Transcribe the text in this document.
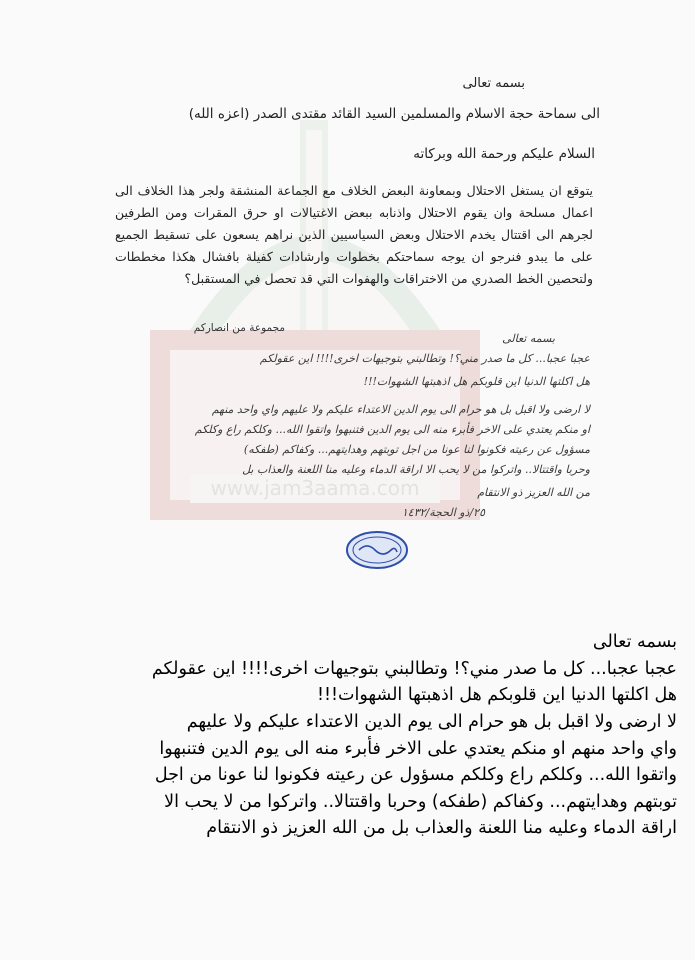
www.jam3aama.com
بسمه تعالى
الى سماحة حجة الاسلام والمسلمين السيد القائد مقتدى الصدر (اعزه الله)
السلام عليكم ورحمة الله وبركاته
يتوقع ان يستغل الاحتلال وبمعاونة البعض الخلاف مع الجماعة المنشقة ولجر هذا الخلاف الى اعمال مسلحة وان يقوم الاحتلال واذنابه ببعض الاغتيالات او حرق المقرات ومن الطرفين لجرهم الى اقتتال يخدم الاحتلال وبعض السياسيين الذين نراهم يسعون على تسقيط الجميع على ما يبدو فنرجو ان يوجه سماحتكم بخطوات وارشادات كفيلة بافشال هكذا مخططات ولتحصين الخط الصدري من الاختراقات والهفوات التي قد تحصل في المستقبل؟
مجموعة من انصاركم
بسمه تعالى
عجبا عجبا... كل ما صدر مني؟! وتطالبني بتوجيهات اخرى!!!! اين عقولكم
هل اكلتها الدنيا اين قلوبكم هل اذهبتها الشهوات!!!
لا ارضى ولا اقبل بل هو حرام الى يوم الدين الاعتداء عليكم ولا عليهم واي واحد منهم
او منكم يعتدي على الاخر فأبرء منه الى يوم الدين فتنبهوا واتقوا الله... وكلكم راع وكلكم
مسؤول عن رعيته فكونوا لنا عونا من اجل توبتهم وهدايتهم... وكفاكم (طفكه)
وحربا واقتتالا.. واتركوا من لا يحب الا اراقة الدماء وعليه منا اللعنة والعذاب بل
من الله العزيز ذو الانتقام
٢٥/ذو الحجة/١٤٣٢
بسمه تعالى
عجبا عجبا... كل ما صدر مني؟! وتطالبني بتوجيهات اخرى!!!! اين عقولكم
هل اكلتها الدنيا اين قلوبكم هل اذهبتها الشهوات!!!
لا ارضى ولا اقبل بل هو حرام الى يوم الدين الاعتداء عليكم ولا عليهم
واي واحد منهم او منكم يعتدي على الاخر فأبرء منه الى يوم الدين فتنبهوا
واتقوا الله... وكلكم راع وكلكم مسؤول عن رعيته فكونوا لنا عونا من اجل
توبتهم وهدايتهم... وكفاكم (طفكه) وحربا واقتتالا.. واتركوا من لا يحب الا
اراقة الدماء وعليه منا اللعنة والعذاب بل من الله العزيز ذو الانتقام
